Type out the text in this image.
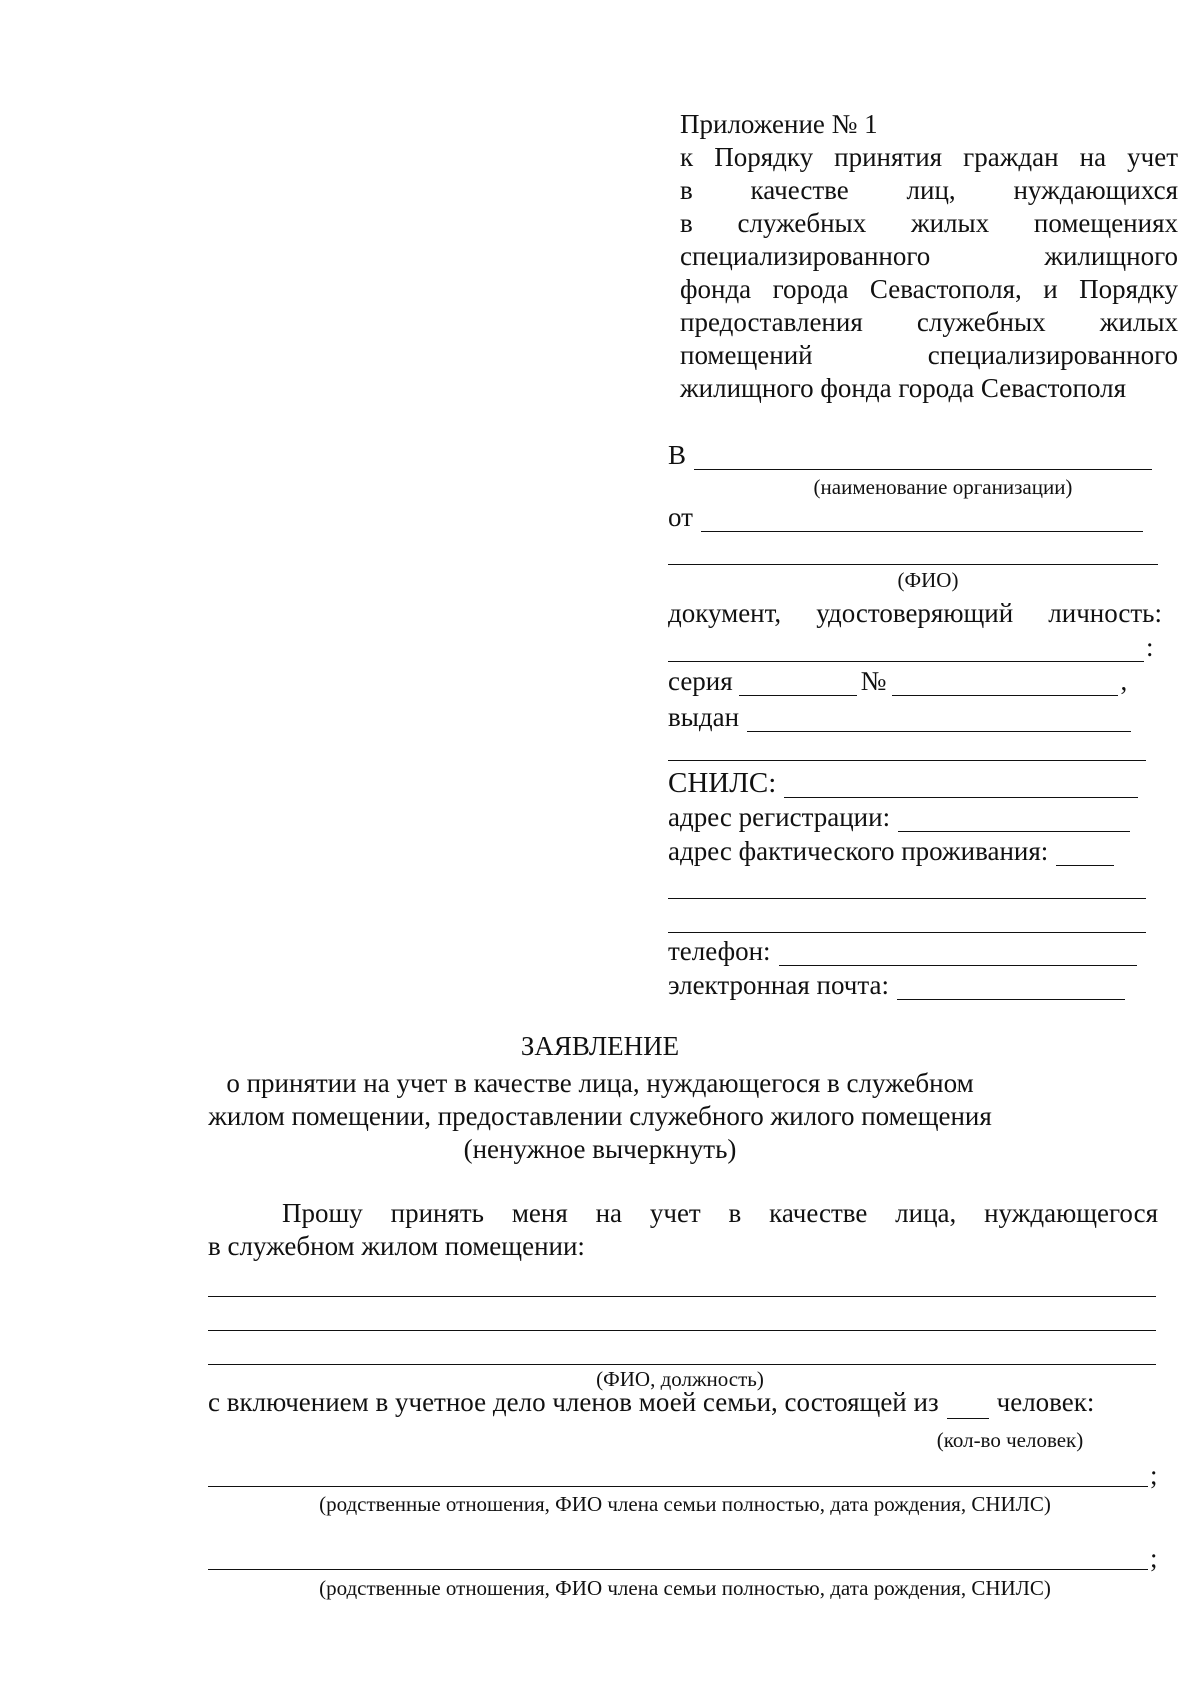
Приложение № 1
к Порядку принятия граждан на учет
в качестве лиц, нуждающихся
в служебных жилых помещениях
специализированного жилищного
фонда города Севастополя, и Порядку
предоставления служебных жилых
помещений специализированного
жилищного фонда города Севастополя
В
(наименование организации)
от
(ФИО)
документ, удостоверяющий личность:
:
серия	№	,
выдан
СНИЛС:
адрес регистрации:
адрес фактического проживания:
телефон:
электронная почта:
ЗАЯВЛЕНИЕ
о принятии на учет в качестве лица, нуждающегося в служебном
жилом помещении, предоставлении служебного жилого помещения
(ненужное вычеркнуть)
Прошу принять меня на учет в качестве лица, нуждающегося
в служебном жилом помещении:
(ФИО, должность)
с включением в учетное дело членов моей семьи, состоящей из человек:
(кол-во человек)
;
(родственные отношения, ФИО члена семьи полностью, дата рождения, СНИЛС)
;
(родственные отношения, ФИО члена семьи полностью, дата рождения, СНИЛС)
